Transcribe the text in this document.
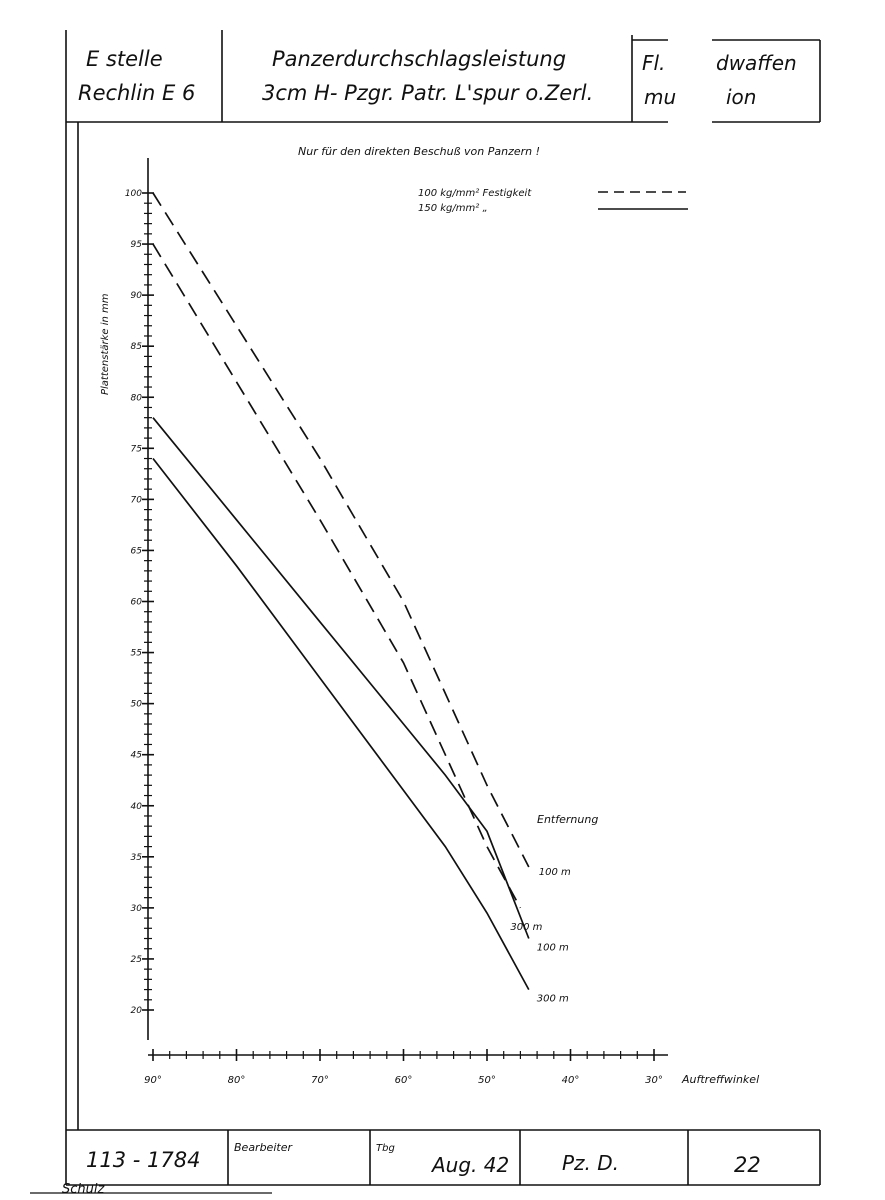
E stelle
Rechlin E 6
Panzerdurchschlagsleistung
3cm H- Pzgr. Patr. L'spur o.Zerl.
Fl.	dwaffen
mu ion
Nur für den direkten Beschuß von Panzern !
100 kg/mm² Festigkeit
150 kg/mm² „
Plattenstärke in mm
Auftreffwinkel
Entfernung
20
25
30
35
40
45
50
55
60
65
70
75
80
85
90
95
100
90°	80°	70°	60°	50°	40°	30°
100 m
300 m
100 m
300 m
113 - 1784
Bearbeiter	Tbg
Aug. 42	Pz. D.	22
Schulz
